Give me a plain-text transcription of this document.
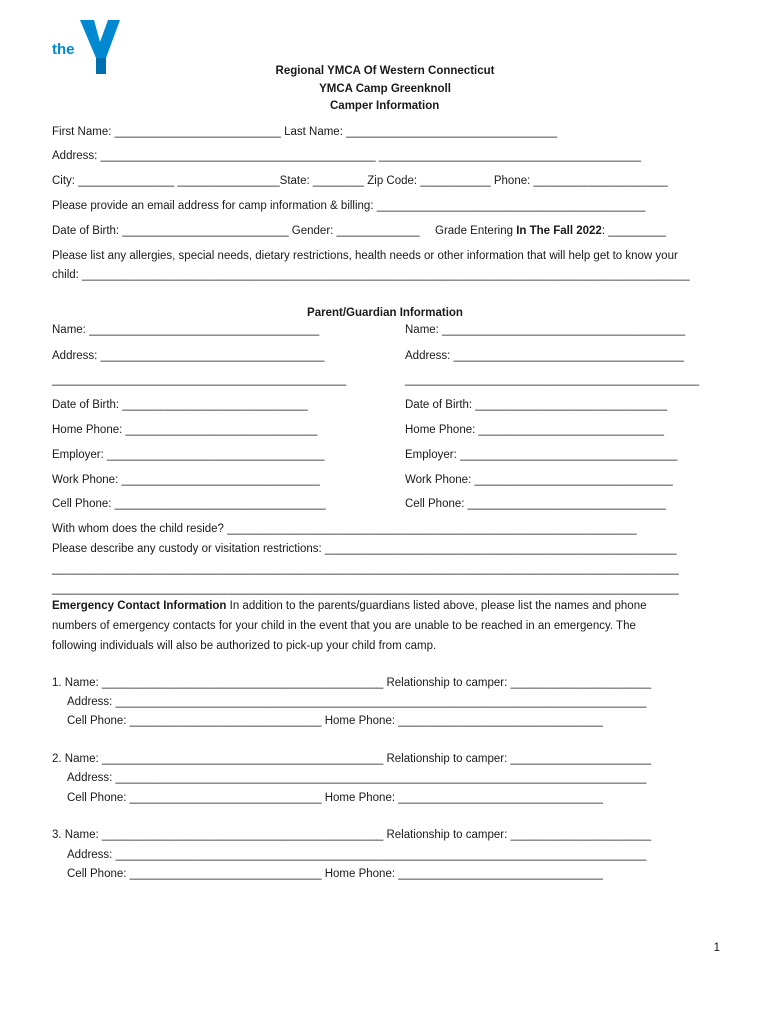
the
Regional YMCA Of Western Connecticut
YMCA Camp Greenknoll
Camper Information
First Name: __________________________ Last Name: _________________________________
Address: ___________________________________________ _________________________________________
City: _______________ ________________State: ________ Zip Code: ___________ Phone: _____________________
Please provide an email address for camp information & billing: __________________________________________
Date of Birth: __________________________ Gender: _____________ Grade Entering In The Fall 2022: _________
Please list any allergies, special needs, dietary restrictions, health needs or other information that will help get to know your
child: _______________________________________________________________________________________________
Parent/Guardian Information
Name: ____________________________________
Address: ___________________________________
______________________________________________
Date of Birth: _____________________________
Home Phone: ______________________________
Employer: __________________________________
Work Phone: _______________________________
Cell Phone: _________________________________
Name: ______________________________________
Address: ____________________________________
______________________________________________
Date of Birth: ______________________________
Home Phone: _____________________________
Employer: __________________________________
Work Phone: _______________________________
Cell Phone: _______________________________
With whom does the child reside? ________________________________________________________________
Please describe any custody or visitation restrictions: _______________________________________________________
__________________________________________________________________________________________________
__________________________________________________________________________________________________
Emergency Contact Information In addition to the parents/guardians listed above, please list the names and phone
numbers of emergency contacts for your child in the event that you are unable to be reached in an emergency. The
following individuals will also be authorized to pick-up your child from camp.
1. Name: ____________________________________________ Relationship to camper: ______________________
Address: ___________________________________________________________________________________
Cell Phone: ______________________________ Home Phone: ________________________________
2. Name: ____________________________________________ Relationship to camper: ______________________
Address: ___________________________________________________________________________________
Cell Phone: ______________________________ Home Phone: ________________________________
3. Name: ____________________________________________ Relationship to camper: ______________________
Address: ___________________________________________________________________________________
Cell Phone: ______________________________ Home Phone: ________________________________
1
